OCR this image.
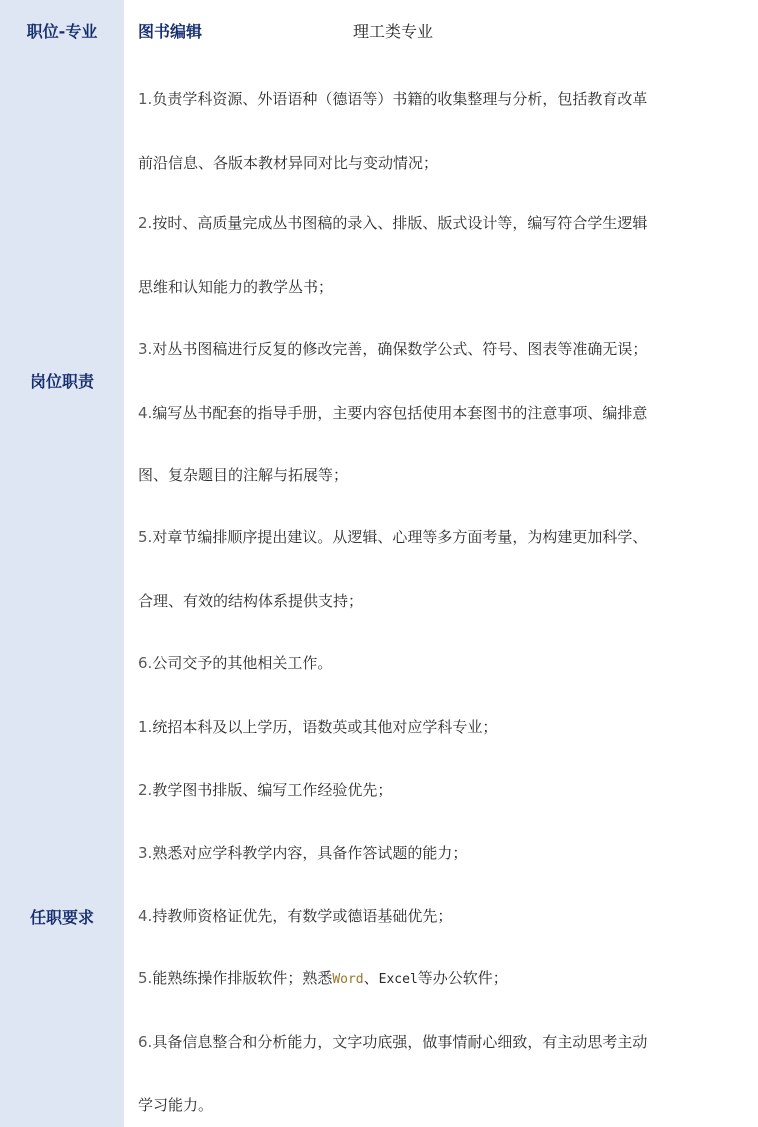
职位-专业
岗位职责
任职要求
图书编辑	理工类专业
1.负责学科资源、外语语种（德语等）书籍的收集整理与分析，包括教育改革
前沿信息、各版本教材异同对比与变动情况；
2.按时、高质量完成丛书图稿的录入、排版、版式设计等，编写符合学生逻辑
思维和认知能力的教学丛书；
3.对丛书图稿进行反复的修改完善，确保数学公式、符号、图表等准确无误；
4.编写丛书配套的指导手册，主要内容包括使用本套图书的注意事项、编排意
图、复杂题目的注解与拓展等；
5.对章节编排顺序提出建议。从逻辑、心理等多方面考量，为构建更加科学、
合理、有效的结构体系提供支持；
6.公司交予的其他相关工作。
1.统招本科及以上学历，语数英或其他对应学科专业；
2.教学图书排版、编写工作经验优先；
3.熟悉对应学科教学内容，具备作答试题的能力；
4.持教师资格证优先，有数学或德语基础优先；
5.能熟练操作排版软件；熟悉Word、Excel等办公软件；
6.具备信息整合和分析能力，文字功底强，做事情耐心细致，有主动思考主动
学习能力。
